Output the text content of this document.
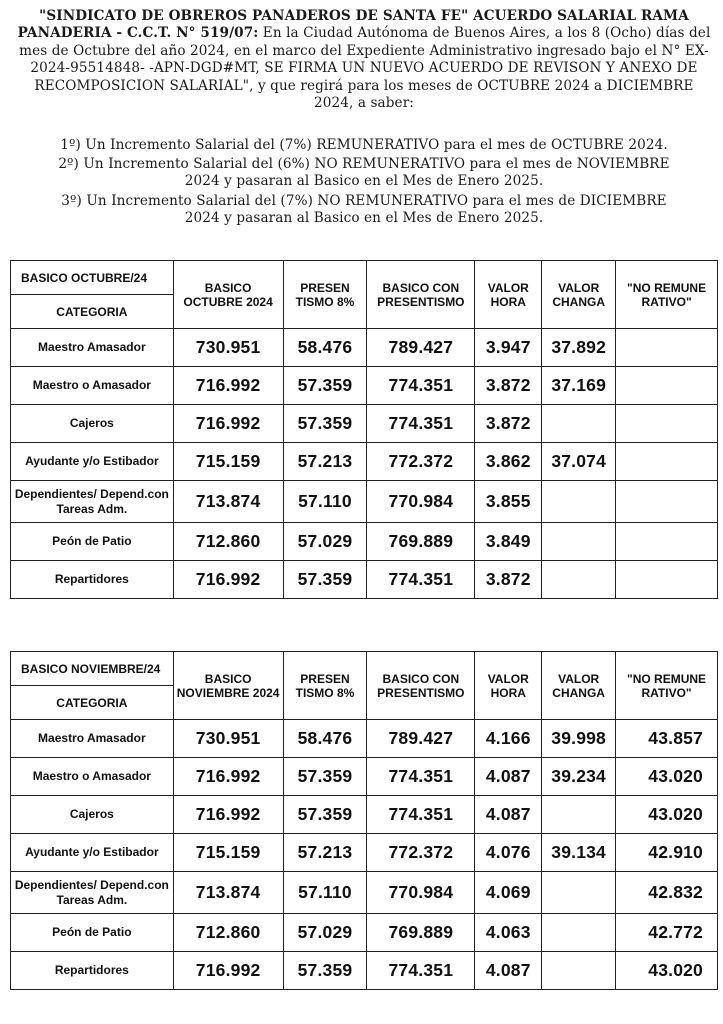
"SINDICATO DE OBREROS PANADEROS DE SANTA FE" ACUERDO SALARIAL RAMA PANADERIA - C.C.T. N° 519/07: En la Ciudad Autónoma de Buenos Aires, a los 8 (Ocho) días del mes de Octubre del año 2024, en el marco del Expediente Administrativo ingresado bajo el N° EX-2024-95514848- -APN-DGD#MT, SE FIRMA UN NUEVO ACUERDO DE REVISON Y ANEXO DE RECOMPOSICION SALARIAL", y que regirá para los meses de OCTUBRE 2024 a DICIEMBRE 2024, a saber:
1º) Un Incremento Salarial del (7%) REMUNERATIVO para el mes de OCTUBRE 2024.
2º) Un Incremento Salarial del (6%) NO REMUNERATIVO para el mes de NOVIEMBRE 2024 y pasaran al Basico en el Mes de Enero 2025.
3º) Un Incremento Salarial del (7%) NO REMUNERATIVO para el mes de DICIEMBRE 2024 y pasaran al Basico en el Mes de Enero 2025.
BASICO OCTUBRE/24	BASICO OCTUBRE 2024	PRESEN TISMO 8%	BASICO CON PRESENTISMO	VALOR HORA	VALOR CHANGA	"NO REMUNE RATIVO"
CATEGORIA						
Maestro Amasador	730.951	58.476	789.427	3.947	37.892	
Maestro o Amasador	716.992	57.359	774.351	3.872	37.169	
Cajeros	716.992	57.359	774.351	3.872		
Ayudante y/o Estibador	715.159	57.213	772.372	3.862	37.074	
Dependientes/ Depend.con Tareas Adm.	713.874	57.110	770.984	3.855		
Peón de Patio	712.860	57.029	769.889	3.849		
Repartidores	716.992	57.359	774.351	3.872		
BASICO NOVIEMBRE/24	BASICO NOVIEMBRE 2024	PRESEN TISMO 8%	BASICO CON PRESENTISMO	VALOR HORA	VALOR CHANGA	"NO REMUNE RATIVO"
CATEGORIA						
Maestro Amasador	730.951	58.476	789.427	4.166	39.998	43.857
Maestro o Amasador	716.992	57.359	774.351	4.087	39.234	43.020
Cajeros	716.992	57.359	774.351	4.087		43.020
Ayudante y/o Estibador	715.159	57.213	772.372	4.076	39.134	42.910
Dependientes/ Depend.con Tareas Adm.	713.874	57.110	770.984	4.069		42.832
Peón de Patio	712.860	57.029	769.889	4.063		42.772
Repartidores	716.992	57.359	774.351	4.087		43.020
